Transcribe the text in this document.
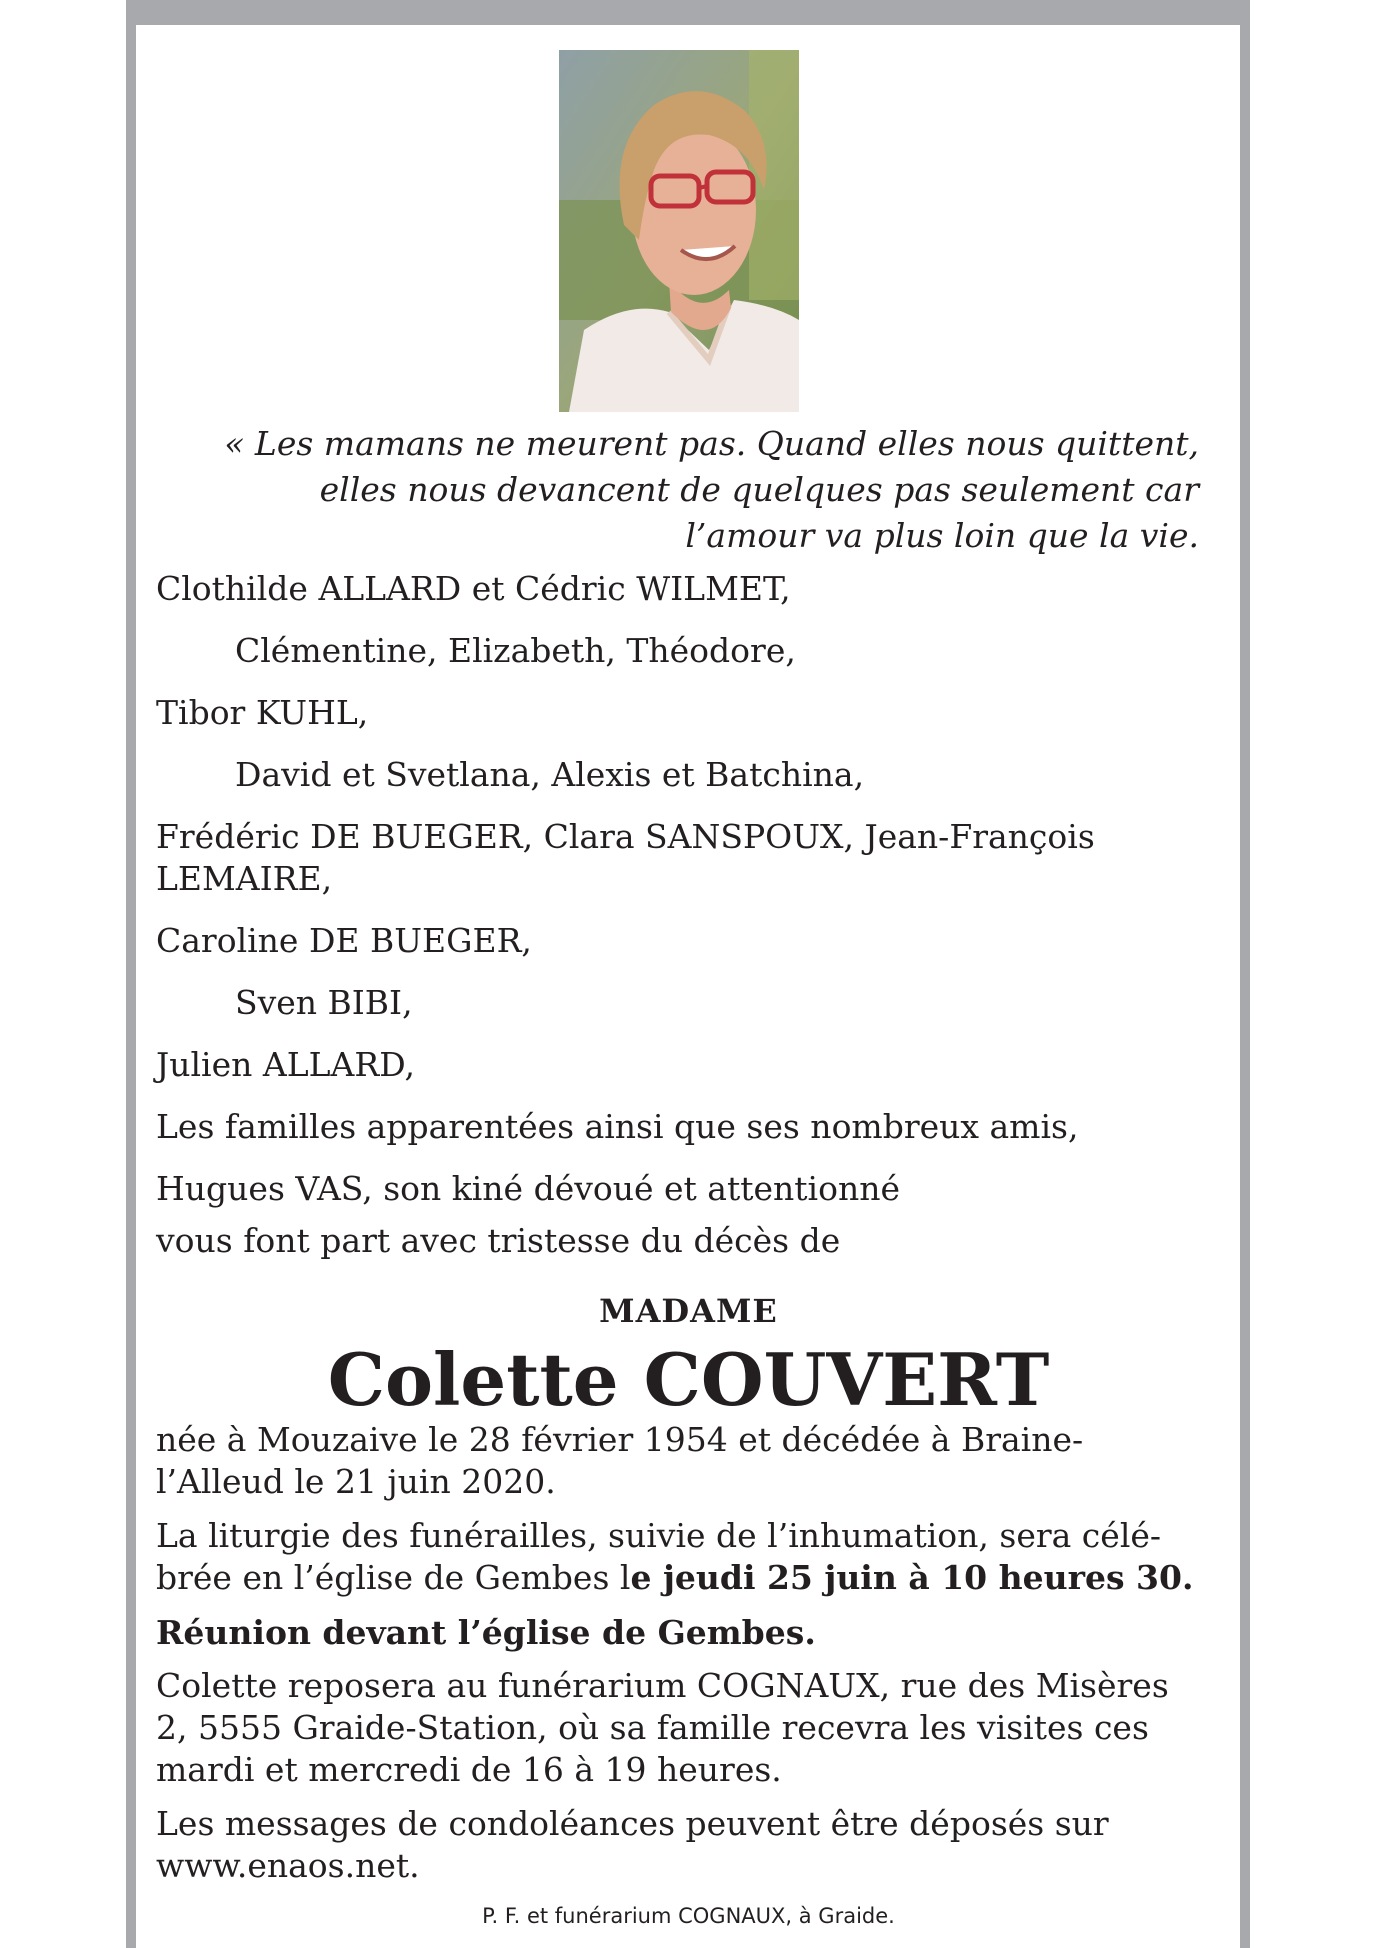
« Les mamans ne meurent pas. Quand elles nous quittent,
elles nous devancent de quelques pas seulement car
l’amour va plus loin que la vie.
Clothilde ALLARD et Cédric WILMET,
Clémentine, Elizabeth, Théodore,
Tibor KUHL,
David et Svetlana, Alexis et Batchina,
Frédéric DE BUEGER, Clara SANSPOUX, Jean-François
LEMAIRE,
Caroline DE BUEGER,
Sven BIBI,
Julien ALLARD,
Les familles apparentées ainsi que ses nombreux amis,
Hugues VAS, son kiné dévoué et attentionné
vous font part avec tristesse du décès de
MADAME
Colette COUVERT
née à Mouzaive le 28 février 1954 et décédée à Braine-l’Alleud le 21 juin 2020.
La liturgie des funérailles, suivie de l’inhumation, sera célé-brée en l’église de Gembes le jeudi 25 juin à 10 heures 30.
Réunion devant l’église de Gembes.
Colette reposera au funérarium COGNAUX, rue des Misères 2, 5555 Graide-Station, où sa famille recevra les visites ces mardi et mercredi de 16 à 19 heures.
Les messages de condoléances peuvent être déposés sur www.enaos.net.
P. F. et funérarium COGNAUX, à Graide.
